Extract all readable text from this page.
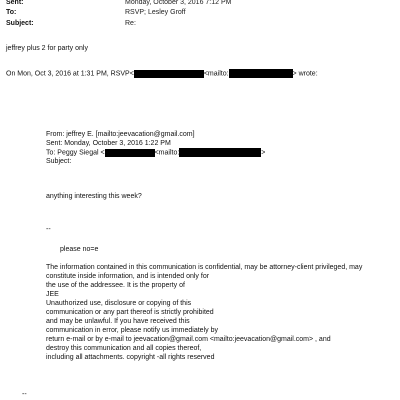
Sent:	Monday, October 3, 2016 7:12 PM
To:	RSVP; Lesley Groff
Subject:	Re:
jeffrey plus 2 for party only
On Mon, Oct 3, 2016 at 1:31 PM, RSVP<	<mailto:	> wrote:
From: jeffrey E. [mailto:jeevacation@gmail.com]
Sent: Monday, October 3, 2016 1:22 PM
To: Peggy Siegal <	<mailto:	>
Subject:
anything interesting this week?
--
please no=e
The information contained in this communication is confidential, may be attorney-client privileged, may
constitute inside information, and is intended only for
the use of the addressee. It is the property of
JEE
Unauthorized use, disclosure or copying of this
communication or any part thereof is strictly prohibited
and may be unlawful. If you have received this
communication in error, please notify us immediately by
return e-mail or by e-mail to jeevacation@gmail.com <mailto:jeevacation@gmail.com> , and
destroy this communication and all copies thereof,
including all attachments. copyright -all rights reserved
--
